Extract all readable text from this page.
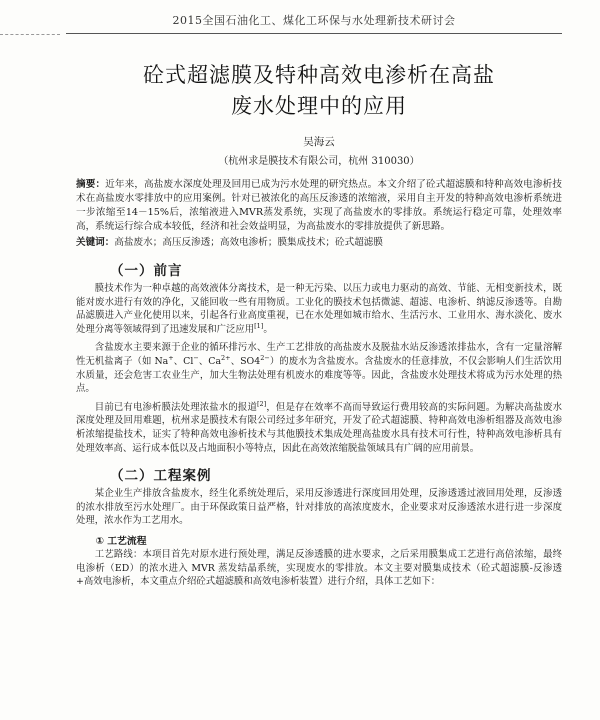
2015全国石油化工、煤化工环保与水处理新技术研讨会
砼式超滤膜及特种高效电渗析在高盐
废水处理中的应用
吴海云
（杭州求是膜技术有限公司，杭州 310030）
摘要：近年来，高盐废水深度处理及回用已成为污水处理的研究热点。本文介绍了砼式超滤膜和特种高效电渗析技术在高盐废水零排放中的应用案例。针对已被浓化的高压反渗透的浓缩液，采用自主开发的特种高效电渗析系统进一步浓缩至14－15%后，浓缩液进入MVR蒸发系统，实现了高盐废水的零排放。系统运行稳定可靠，处理效率高，系统运行综合成本较低，经济和社会效益明显，为高盐废水的零排放提供了新思路。
关键词：高盐废水；高压反渗透；高效电渗析；膜集成技术；砼式超滤膜
（一）前言

膜技术作为一种卓越的高效液体分离技术，是一种无污染、以压力或电力驱动的高效、节能、无相变新技术，既能对废水进行有效的净化，又能回收一些有用物质。工业化的膜技术包括微滤、超滤、电渗析、纳滤反渗透等。自勘品滤膜进入产业化使用以来，引起各行业高度重视，已在水处理如城市给水、生活污水、工业用水、海水淡化、废水处理分离等领域得到了迅速发展和广泛应用[1]。

含盐废水主要来源于企业的循环排污水、生产工艺排放的高盐废水及脱盐水站反渗透浓排盐水，含有一定量溶解性无机盐离子（如 Na+、Cl−、$Ca^{2+}$、$SO4^{2-}$）的废水为含盐废水。含盐废水的任意排放，不仅会影响人们生活饮用水质量，还会危害工农业生产，加大生物法处理有机废水的难度等等。因此，含盐废水处理技术将成为污水处理的热点。

目前已有电渗析膜法处理浓盐水的报道[2]，但是存在效率不高而导致运行费用较高的实际问题。为解决高盐废水深度处理及回用难题，杭州求是膜技术有限公司经过多年研究，开发了砼式超滤膜、特种高效电渗析组器及高效电渗析浓缩提盐技术，证实了特种高效电渗析技术与其他膜技术集成处理高盐废水具有技术可行性，特种高效电渗析具有处理效率高、运行成本低以及占地面积小等特点，因此在高效浓缩脱盐领域具有广阔的应用前景。

（二）工程案例

某企业生产排放含盐废水，经生化系统处理后，采用反渗透进行深度回用处理，反渗透透过液回用处理，反渗透的浓水排放至污水处理厂。由于环保政策日益严格，针对排放的高浓度废水，企业要求对反渗透浓水进行进一步深度处理，浓水作为工艺用水。

① 工艺流程

工艺路线：本项目首先对原水进行预处理，满足反渗透膜的进水要求，之后采用膜集成工艺进行高倍浓缩，最终电渗析（ED）的浓水进入 MVR 蒸发结晶系统，实现废水的零排放。本文主要对膜集成技术（砼式超滤膜-反渗透+高效电渗析，本文重点介绍砼式超滤膜和高效电渗析装置）进行介绍，具体工艺如下：
